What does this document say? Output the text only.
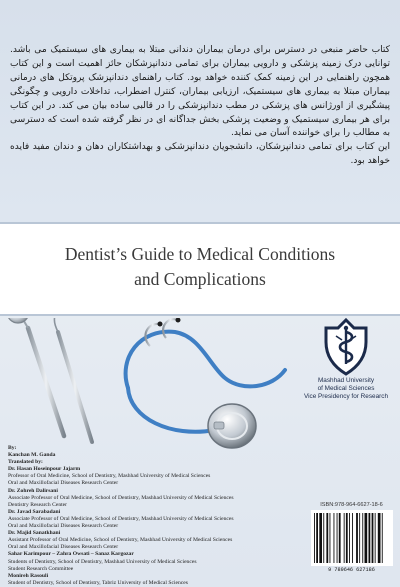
کتاب حاضر منبعی در دسترس برای درمان بیماران دندانی مبتلا به بیماری های سیستمیک می باشد. توانایی درک زمینه پزشکی و دارویی بیماران برای تمامی دندانپزشکان حائز اهمیت است و این کتاب همچون راهنمایی در این زمینه کمک کننده خواهد بود. کتاب راهنمای دندانپزشک پروتکل های درمانی بیماران مبتلا به بیماری های سیستمیک، ارزیابی بیماران، کنترل اضطراب، تداخلات دارویی و چگونگی پیشگیری از اورژانس های پزشکی در مطب دندانپزشکی را در قالبی ساده بیان می کند. در این کتاب برای هر بیماری سیستمیک و وضعیت پزشکی بخش جداگانه ای در نظر گرفته شده است که دسترسی به مطالب را برای خواننده آسان می نماید.

این کتاب برای تمامی دندانپزشکان، دانشجویان دندانپزشکی و بهداشتکاران دهان و دندان مفید فایده خواهد بود.

Dentist’s Guide to Medical Conditions
and Complications
Mashhad University
of Medical Sciences
Vice Presidency for Research
By:
Kanchan M. Ganda
Translated by:
Dr. Hasan Hoseinpour Jajarm
Professor of Oral Medicine, School of Dentistry, Mashhad University of Medical Sciences
Oral and Maxillofacial Diseases Research Center
Dr. Zohreh Dalirsani
Associate Professor of Oral Medicine, School of Dentistry, Mashhad University of Medical Sciences
Dentistry Research Center
Dr. Javad Sarabadani
Associate Professor of Oral Medicine, School of Dentistry, Mashhad University of Medical Sciences
Oral and Maxillofacial Diseases Research Center
Dr. Majid Sanatkhani
Assistant Professor of Oral Medicine, School of Dentistry, Mashhad University of Medical Sciences
Oral and Maxillofacial Diseases Research Center
Sahar Karimpour – Zahra Owsati – Sanaz Kargozar
Students of Dentistry, School of Dentistry, Mashhad University of Medical Sciences
Student Research Committee
Monireh Rasouli
Student of Dentistry, School of Dentistry, Tabriz University of Medical Sciences
ISBN:978-964-6627-18-6
9 789646 627186
